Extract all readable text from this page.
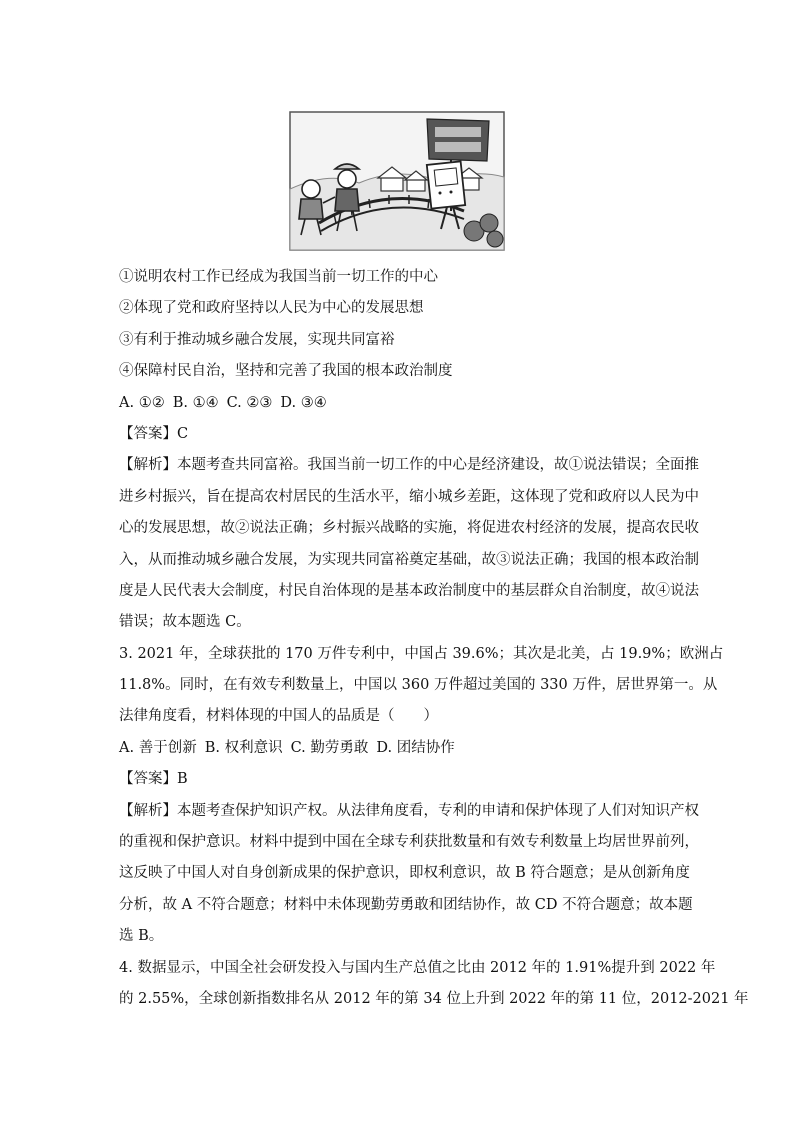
①说明农村工作已经成为我国当前一切工作的中心
②体现了党和政府坚持以人民为中心的发展思想
③有利于推动城乡融合发展，实现共同富裕
④保障村民自治，坚持和完善了我国的根本政治制度
A. ①② B. ①④ C. ②③ D. ③④
【答案】C
【解析】本题考查共同富裕。我国当前一切工作的中心是经济建设，故①说法错误；全面推
进乡村振兴，旨在提高农村居民的生活水平，缩小城乡差距，这体现了党和政府以人民为中
心的发展思想，故②说法正确；乡村振兴战略的实施，将促进农村经济的发展，提高农民收
入，从而推动城乡融合发展，为实现共同富裕奠定基础，故③说法正确；我国的根本政治制
度是人民代表大会制度，村民自治体现的是基本政治制度中的基层群众自治制度，故④说法
错误；故本题选 C。
3. 2021 年，全球获批的 170 万件专利中，中国占 39.6%；其次是北美，占 19.9%；欧洲占
11.8%。同时，在有效专利数量上，中国以 360 万件超过美国的 330 万件，居世界第一。从
法律角度看，材料体现的中国人的品质是（　　）
A. 善于创新 B. 权利意识 C. 勤劳勇敢 D. 团结协作
【答案】B
【解析】本题考查保护知识产权。从法律角度看，专利的申请和保护体现了人们对知识产权
的重视和保护意识。材料中提到中国在全球专利获批数量和有效专利数量上均居世界前列，
这反映了中国人对自身创新成果的保护意识，即权利意识，故 B 符合题意；是从创新角度
分析，故 A 不符合题意；材料中未体现勤劳勇敢和团结协作，故 CD 不符合题意；故本题
选 B。
4. 数据显示，中国全社会研发投入与国内生产总值之比由 2012 年的 1.91%提升到 2022 年
的 2.55%，全球创新指数排名从 2012 年的第 34 位上升到 2022 年的第 11 位，2012-2021 年
